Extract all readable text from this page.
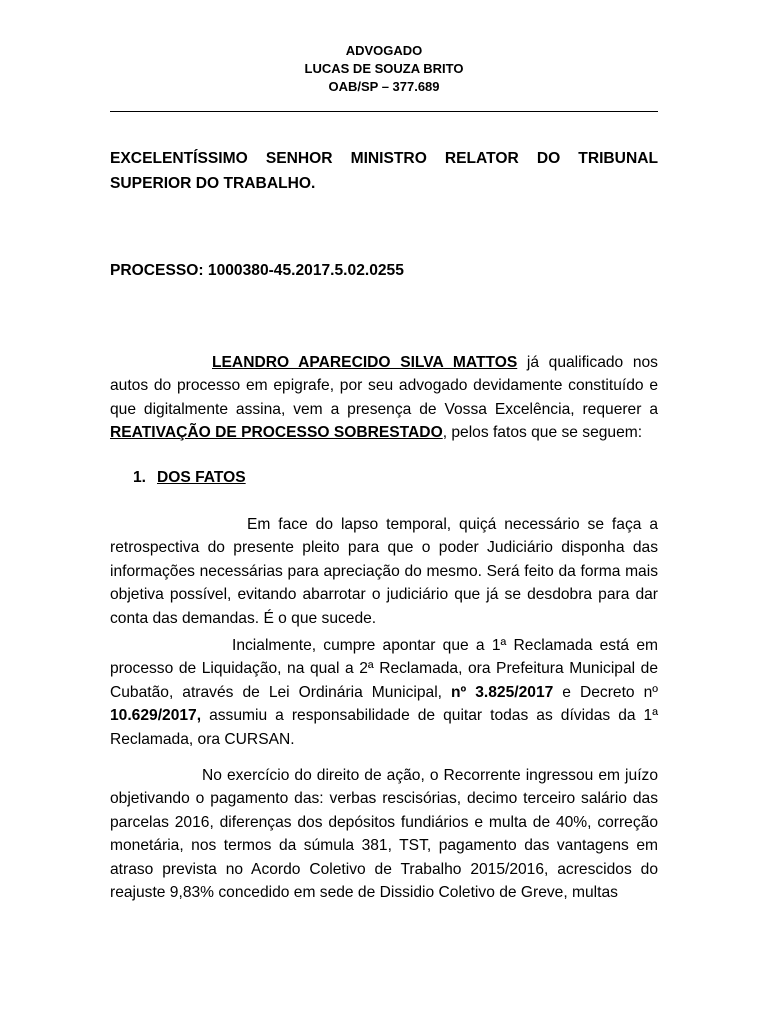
ADVOGADO
LUCAS DE SOUZA BRITO
OAB/SP – 377.689
EXCELENTÍSSIMO SENHOR MINISTRO RELATOR DO TRIBUNAL SUPERIOR DO TRABALHO.
PROCESSO: 1000380-45.2017.5.02.0255
LEANDRO APARECIDO SILVA MATTOS já qualificado nos autos do processo em epigrafe, por seu advogado devidamente constituído e que digitalmente assina, vem a presença de Vossa Excelência, requerer a REATIVAÇÃO DE PROCESSO SOBRESTADO, pelos fatos que se seguem:
1. DOS FATOS
Em face do lapso temporal, quiçá necessário se faça a retrospectiva do presente pleito para que o poder Judiciário disponha das informações necessárias para apreciação do mesmo. Será feito da forma mais objetiva possível, evitando abarrotar o judiciário que já se desdobra para dar conta das demandas. É o que sucede.
Incialmente, cumpre apontar que a 1ª Reclamada está em processo de Liquidação, na qual a 2ª Reclamada, ora Prefeitura Municipal de Cubatão, através de Lei Ordinária Municipal, nº 3.825/2017 e Decreto nº 10.629/2017, assumiu a responsabilidade de quitar todas as dívidas da 1ª Reclamada, ora CURSAN.
No exercício do direito de ação, o Recorrente ingressou em juízo objetivando o pagamento das: verbas rescisórias, decimo terceiro salário das parcelas 2016, diferenças dos depósitos fundiários e multa de 40%, correção monetária, nos termos da súmula 381, TST, pagamento das vantagens em atraso prevista no Acordo Coletivo de Trabalho 2015/2016, acrescidos do reajuste 9,83% concedido em sede de Dissidio Coletivo de Greve, multas
